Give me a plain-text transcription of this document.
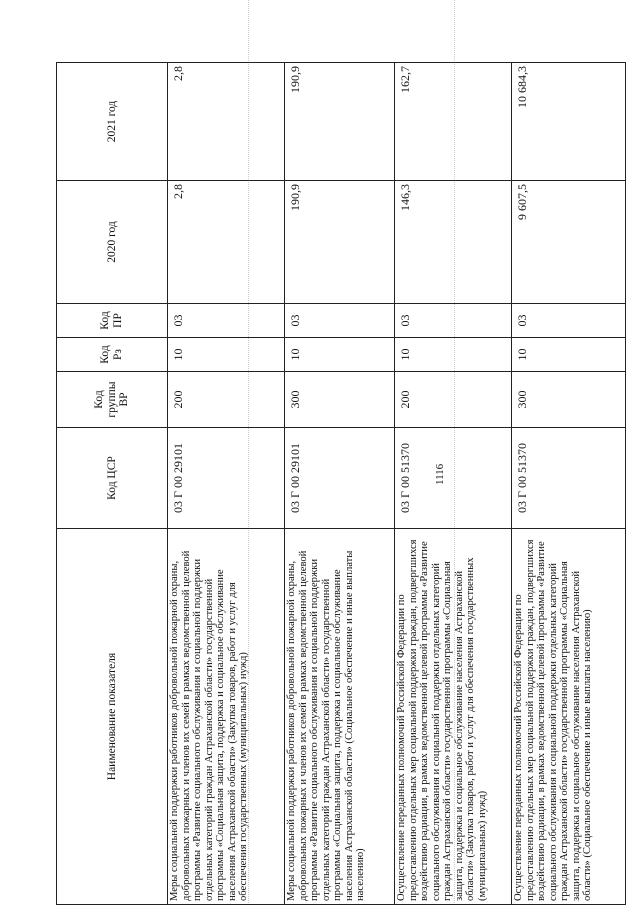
1116
Наименование показателя	Код ЦСР	Код группы ВР	Код Рз	Код ПР	2020 год	2021 год
Меры социальной поддержки работников добровольной пожарной охраны, добровольных пожарных и членов их семей в рамках ведомственной целевой программы «Развитие социального обслуживания и социальной поддержки отдельных категорий граждан Астраханской области» государственной программы «Социальная защита, поддержка и социальное обслуживание населения Астраханской области» (Закупка товаров, работ и услуг для обеспечения государственных (муниципальных) нужд)	03 Г 00 29101	200	10	03	2,8	2,8
Меры социальной поддержки работников добровольной пожарной охраны, добровольных пожарных и членов их семей в рамках ведомственной целевой программы «Развитие социального обслуживания и социальной поддержки отдельных категорий граждан Астраханской области» государственной программы «Социальная защита, поддержка и социальное обслуживание населения Астраханской области» (Социальное обеспечение и иные выплаты населению)	03 Г 00 29101	300	10	03	190,9	190,9
Осуществление переданных полномочий Российской Федерации по предоставлению отдельных мер социальной поддержки граждан, подвергшихся воздействию радиации, в рамках ведомственной целевой программы «Развитие социального обслуживания и социальной поддержки отдельных категорий граждан Астраханской области» государственной программы «Социальная защита, поддержка и социальное обслуживание населения Астраханской области» (Закупка товаров, работ и услуг для обеспечения государственных (муниципальных) нужд)	03 Г 00 51370	200	10	03	146,3	162,7
Осуществление переданных полномочий Российской Федерации по предоставлению отдельных мер социальной поддержки граждан, подвергшихся воздействию радиации, в рамках ведомственной целевой программы «Развитие социального обслуживания и социальной поддержки отдельных категорий граждан Астраханской области» государственной программы «Социальная защита, поддержка и социальное обслуживание населения Астраханской области» (Социальное обеспечение и иные выплаты населению)	03 Г 00 51370	300	10	03	9 607,5	10 684,3
